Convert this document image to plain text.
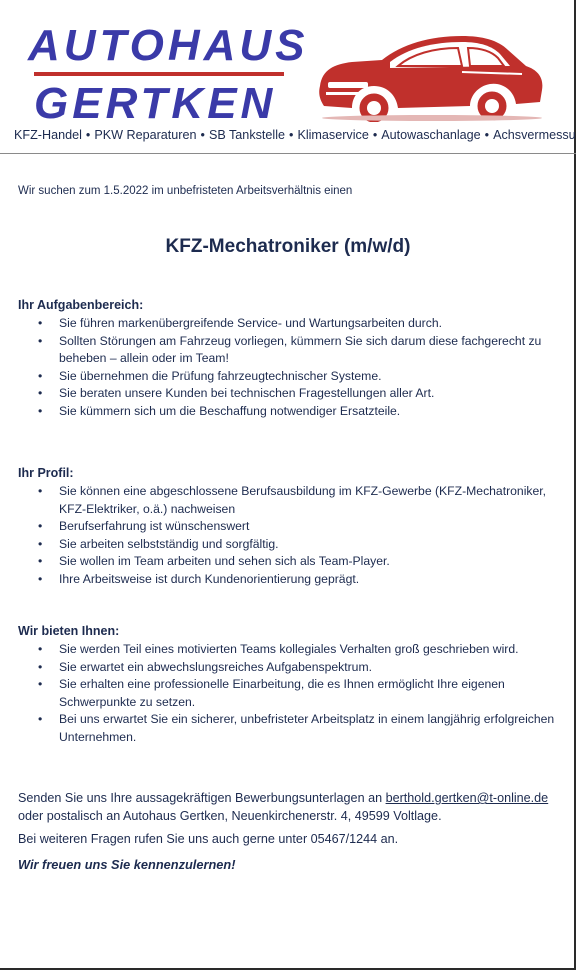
AUTOHAUS
GERTKEN
KFZ-Handel • PKW Reparaturen • SB Tankstelle • Klimaservice • Autowaschanlage • Achsvermessu
Wir suchen zum 1.5.2022 im unbefristeten Arbeitsverhältnis einen
KFZ-Mechatroniker (m/w/d)
Ihr Aufgabenbereich:
• Sie führen markenübergreifende Service- und Wartungsarbeiten durch.
• Sollten Störungen am Fahrzeug vorliegen, kümmern Sie sich darum diese fachgerecht zu beheben – allein oder im Team!
• Sie übernehmen die Prüfung fahrzeugtechnischer Systeme.
• Sie beraten unsere Kunden bei technischen Fragestellungen aller Art.
• Sie kümmern sich um die Beschaffung notwendiger Ersatzteile.
Ihr Profil:
• Sie können eine abgeschlossene Berufsausbildung im KFZ-Gewerbe (KFZ-Mechatroniker, KFZ-Elektriker, o.ä.) nachweisen
• Berufserfahrung ist wünschenswert
• Sie arbeiten selbstständig und sorgfältig.
• Sie wollen im Team arbeiten und sehen sich als Team-Player.
• Ihre Arbeitsweise ist durch Kundenorientierung geprägt.
Wir bieten Ihnen:
• Sie werden Teil eines motivierten Teams kollegiales Verhalten groß geschrieben wird.
• Sie erwartet ein abwechslungsreiches Aufgabenspektrum.
• Sie erhalten eine professionelle Einarbeitung, die es Ihnen ermöglicht Ihre eigenen Schwerpunkte zu setzen.
• Bei uns erwartet Sie ein sicherer, unbefristeter Arbeitsplatz in einem langjährig erfolgreichen Unternehmen.
Senden Sie uns Ihre aussagekräftigen Bewerbungsunterlagen an berthold.gertken@t-online.de oder postalisch an Autohaus Gertken, Neuenkirchenerstr. 4, 49599 Voltlage.
Bei weiteren Fragen rufen Sie uns auch gerne unter 05467/1244 an.
Wir freuen uns Sie kennenzulernen!
